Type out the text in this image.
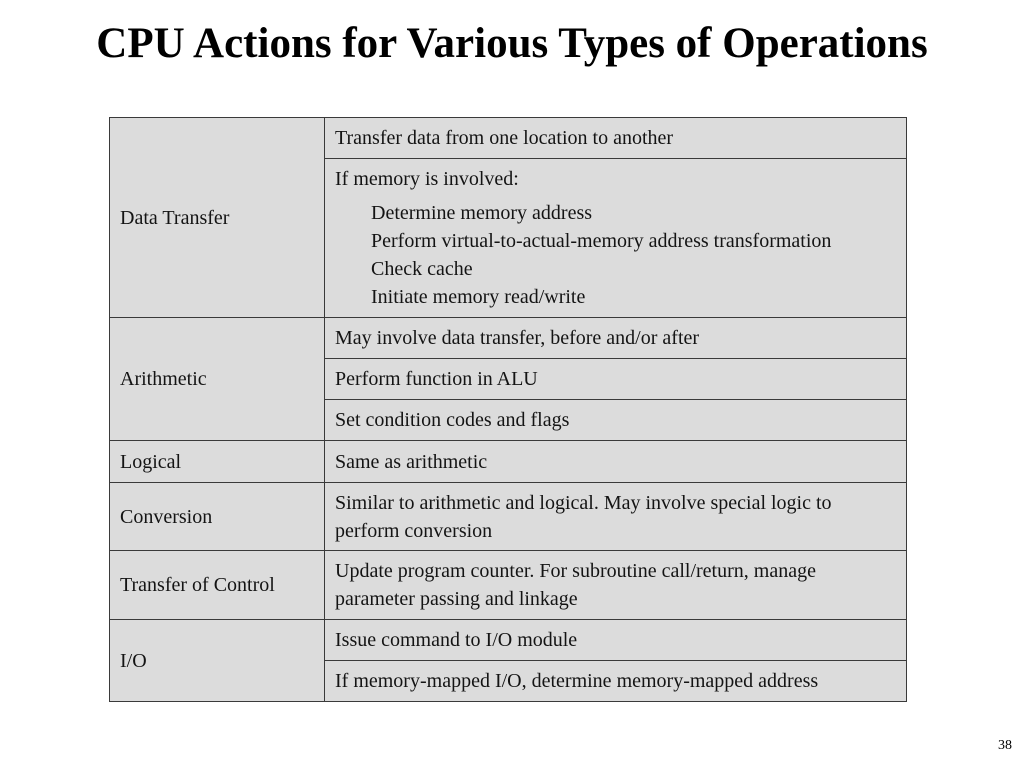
CPU Actions for Various Types of Operations
Data Transfer	Transfer data from one location to another

	If memory is involved:
Determine memory address
Perform virtual-to-actual-memory address transformation
Check cache
Initiate memory read/write

Arithmetic	May involve data transfer, before and/or after
	Perform function in ALU
	Set condition codes and flags
Logical	Same as arithmetic
Conversion	Similar to arithmetic and logical. May involve special logic to perform conversion
Transfer of Control	Update program counter. For subroutine call/return, manage parameter passing and linkage
I/O	Issue command to I/O module
	If memory-mapped I/O, determine memory-mapped address
38
